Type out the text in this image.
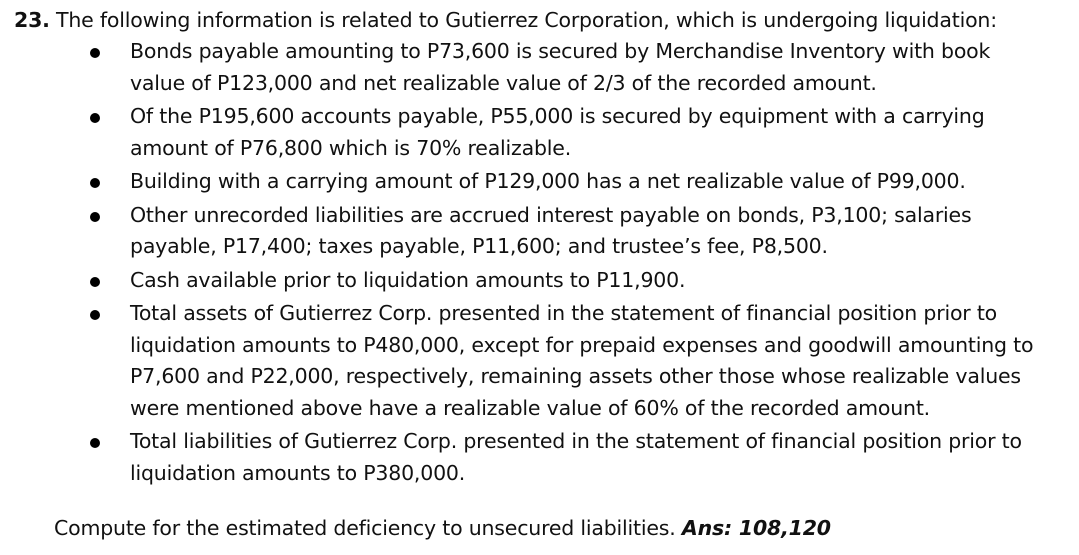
23. The following information is related to Gutierrez Corporation, which is undergoing liquidation:
Bonds payable amounting to P73,600 is secured by Merchandise Inventory with book value of P123,000 and net realizable value of 2/3 of the recorded amount.
Of the P195,600 accounts payable, P55,000 is secured by equipment with a carrying amount of P76,800 which is 70% realizable.
Building with a carrying amount of P129,000 has a net realizable value of P99,000.
Other unrecorded liabilities are accrued interest payable on bonds, P3,100; salaries payable, P17,400; taxes payable, P11,600; and trustee’s fee, P8,500.
Cash available prior to liquidation amounts to P11,900.
Total assets of Gutierrez Corp. presented in the statement of financial position prior to liquidation amounts to P480,000, except for prepaid expenses and goodwill amounting to P7,600 and P22,000, respectively, remaining assets other those whose realizable values were mentioned above have a realizable value of 60% of the recorded amount.
Total liabilities of Gutierrez Corp. presented in the statement of financial position prior to liquidation amounts to P380,000.
Compute for the estimated deficiency to unsecured liabilities. Ans: 108,120
